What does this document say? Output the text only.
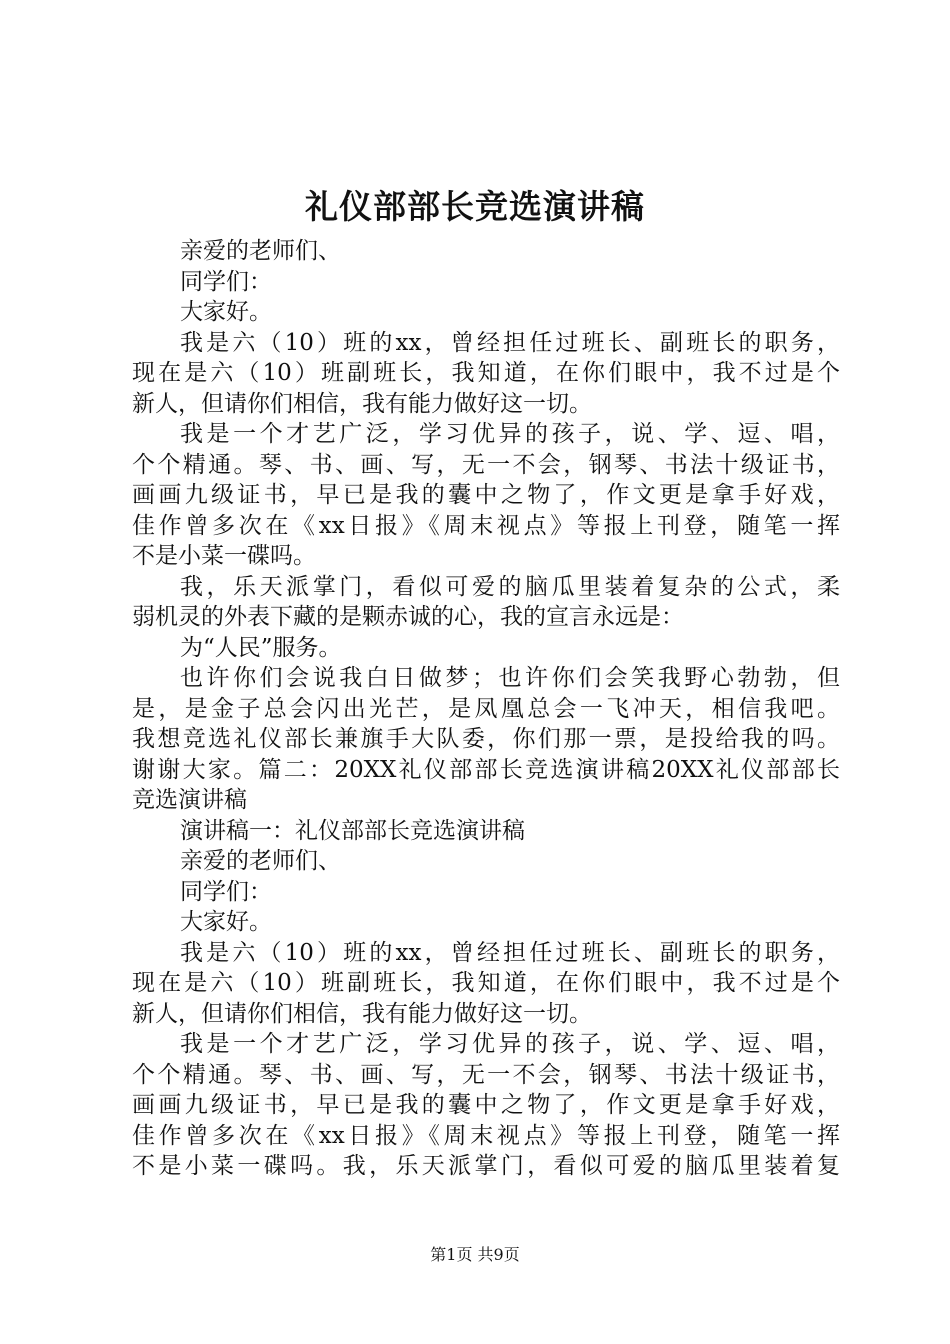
礼仪部部长竞选演讲稿
亲爱的老师们、
同学们：
大家好。
我是六（10）班的xx，曾经担任过班长、副班长的职务，
现在是六（10）班副班长，我知道，在你们眼中，我不过是个
新人，但请你们相信，我有能力做好这一切。
我是一个才艺广泛，学习优异的孩子，说、学、逗、唱，
个个精通。琴、书、画、写，无一不会，钢琴、书法十级证书，
画画九级证书，早已是我的囊中之物了，作文更是拿手好戏，
佳作曾多次在《xx日报》《周末视点》等报上刊登，随笔一挥
不是小菜一碟吗。
我，乐天派掌门，看似可爱的脑瓜里装着复杂的公式，柔
弱机灵的外表下藏的是颗赤诚的心，我的宣言永远是：
为“人民”服务。
也许你们会说我白日做梦；也许你们会笑我野心勃勃，但
是，是金子总会闪出光芒，是凤凰总会一飞冲天，相信我吧。
我想竞选礼仪部长兼旗手大队委，你们那一票，是投给我的吗。
谢谢大家。篇二：20XX礼仪部部长竞选演讲稿20XX礼仪部部长
竞选演讲稿
演讲稿一：礼仪部部长竞选演讲稿
亲爱的老师们、
同学们：
大家好。
我是六（10）班的xx，曾经担任过班长、副班长的职务，
现在是六（10）班副班长，我知道，在你们眼中，我不过是个
新人，但请你们相信，我有能力做好这一切。
我是一个才艺广泛，学习优异的孩子，说、学、逗、唱，
个个精通。琴、书、画、写，无一不会，钢琴、书法十级证书，
画画九级证书，早已是我的囊中之物了，作文更是拿手好戏，
佳作曾多次在《xx日报》《周末视点》等报上刊登，随笔一挥
不是小菜一碟吗。我，乐天派掌门，看似可爱的脑瓜里装着复
第1页 共9页
